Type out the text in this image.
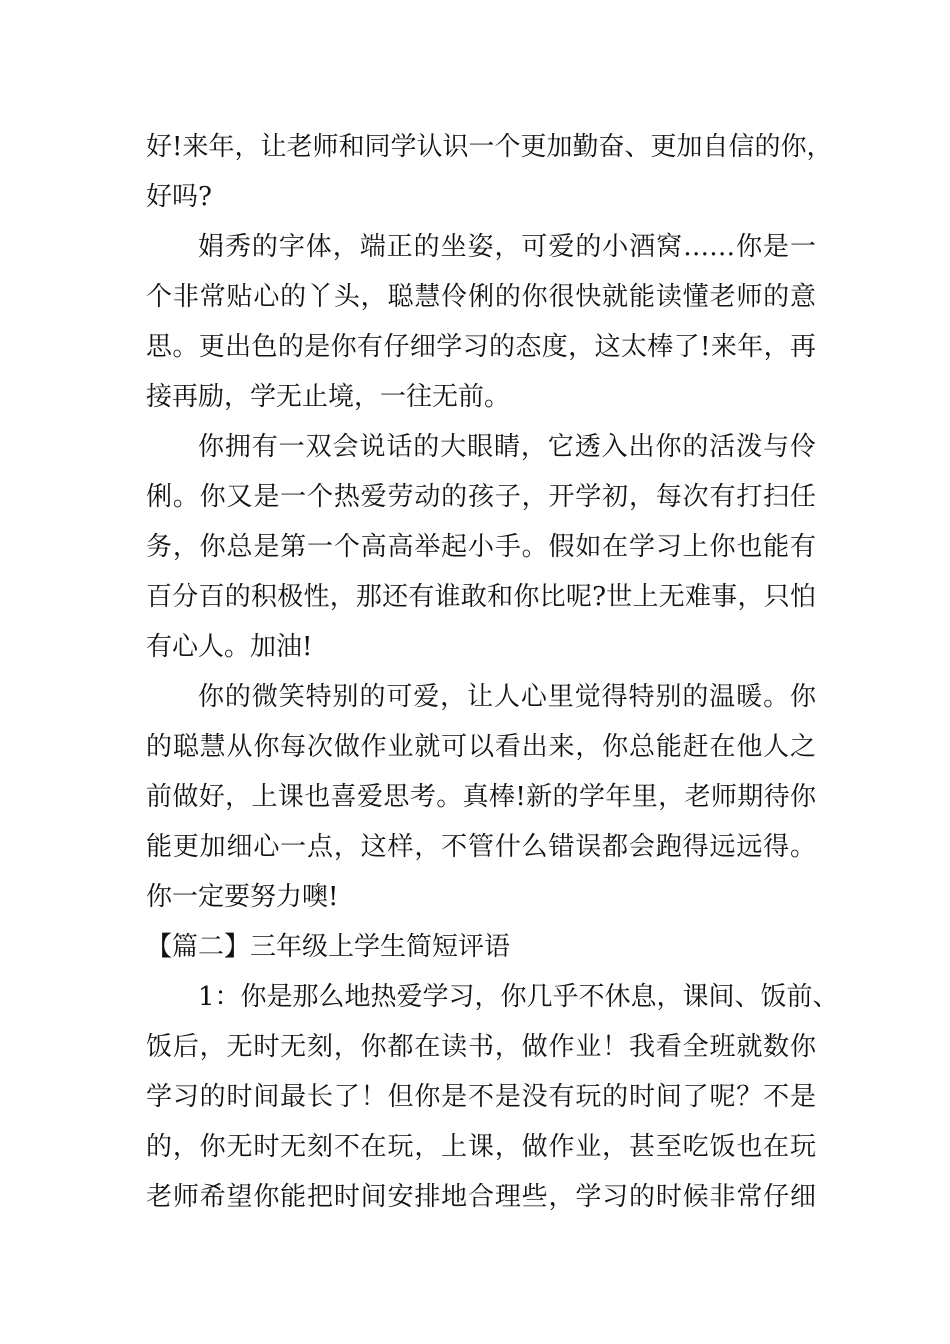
好!来年，让老师和同学认识一个更加勤奋、更加自信的你，
好吗?
娟秀的字体，端正的坐姿，可爱的小酒窝……你是一
个非常贴心的丫头，聪慧伶俐的你很快就能读懂老师的意
思。更出色的是你有仔细学习的态度，这太棒了!来年，再
接再励，学无止境，一往无前。
你拥有一双会说话的大眼睛，它透入出你的活泼与伶
俐。你又是一个热爱劳动的孩子，开学初，每次有打扫任
务，你总是第一个高高举起小手。假如在学习上你也能有
百分百的积极性，那还有谁敢和你比呢?世上无难事，只怕
有心人。加油!
你的微笑特别的可爱，让人心里觉得特别的温暖。你
的聪慧从你每次做作业就可以看出来，你总能赶在他人之
前做好，上课也喜爱思考。真棒!新的学年里，老师期待你
能更加细心一点，这样，不管什么错误都会跑得远远得。
你一定要努力噢!
【篇二】三年级上学生简短评语
1：你是那么地热爱学习，你几乎不休息，课间、饭前、
饭后，无时无刻，你都在读书，做作业！我看全班就数你
学习的时间最长了！但你是不是没有玩的时间了呢？不是
的，你无时无刻不在玩，上课，做作业，甚至吃饭也在玩
老师希望你能把时间安排地合理些，学习的时候非常仔细
